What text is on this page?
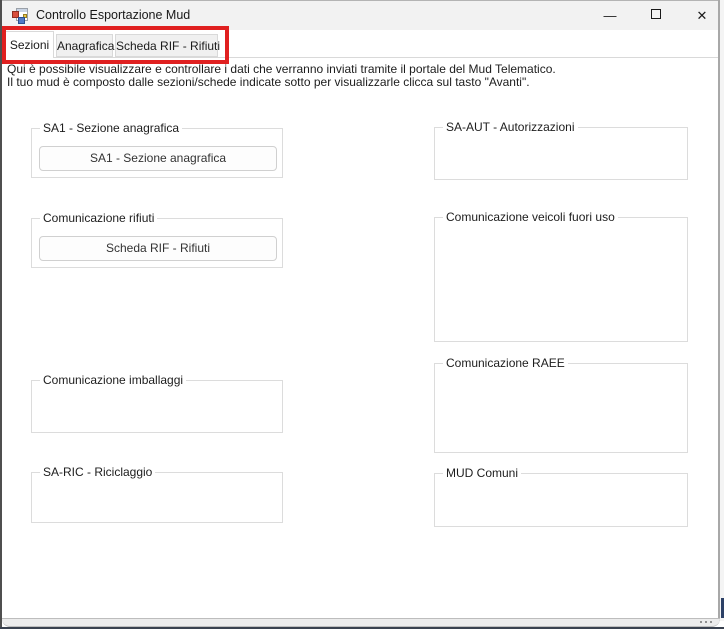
Controllo Esportazione Mud	—	✕
Sezioni Anagrafica Scheda RIF - Rifiuti
Qui è possibile visualizzare e controllare i dati che verranno inviati tramite il portale del Mud Telematico.
Il tuo mud è composto dalle sezioni/schede indicate sotto per visualizzarle clicca sul tasto "Avanti".
SA1 - Sezione anagrafica
SA1 - Sezione anagrafica
Comunicazione rifiuti
Scheda RIF - Rifiuti
Comunicazione imballaggi
SA-RIC - Riciclaggio
SA-AUT - Autorizzazioni
Comunicazione veicoli fuori uso
Comunicazione RAEE
MUD Comuni
